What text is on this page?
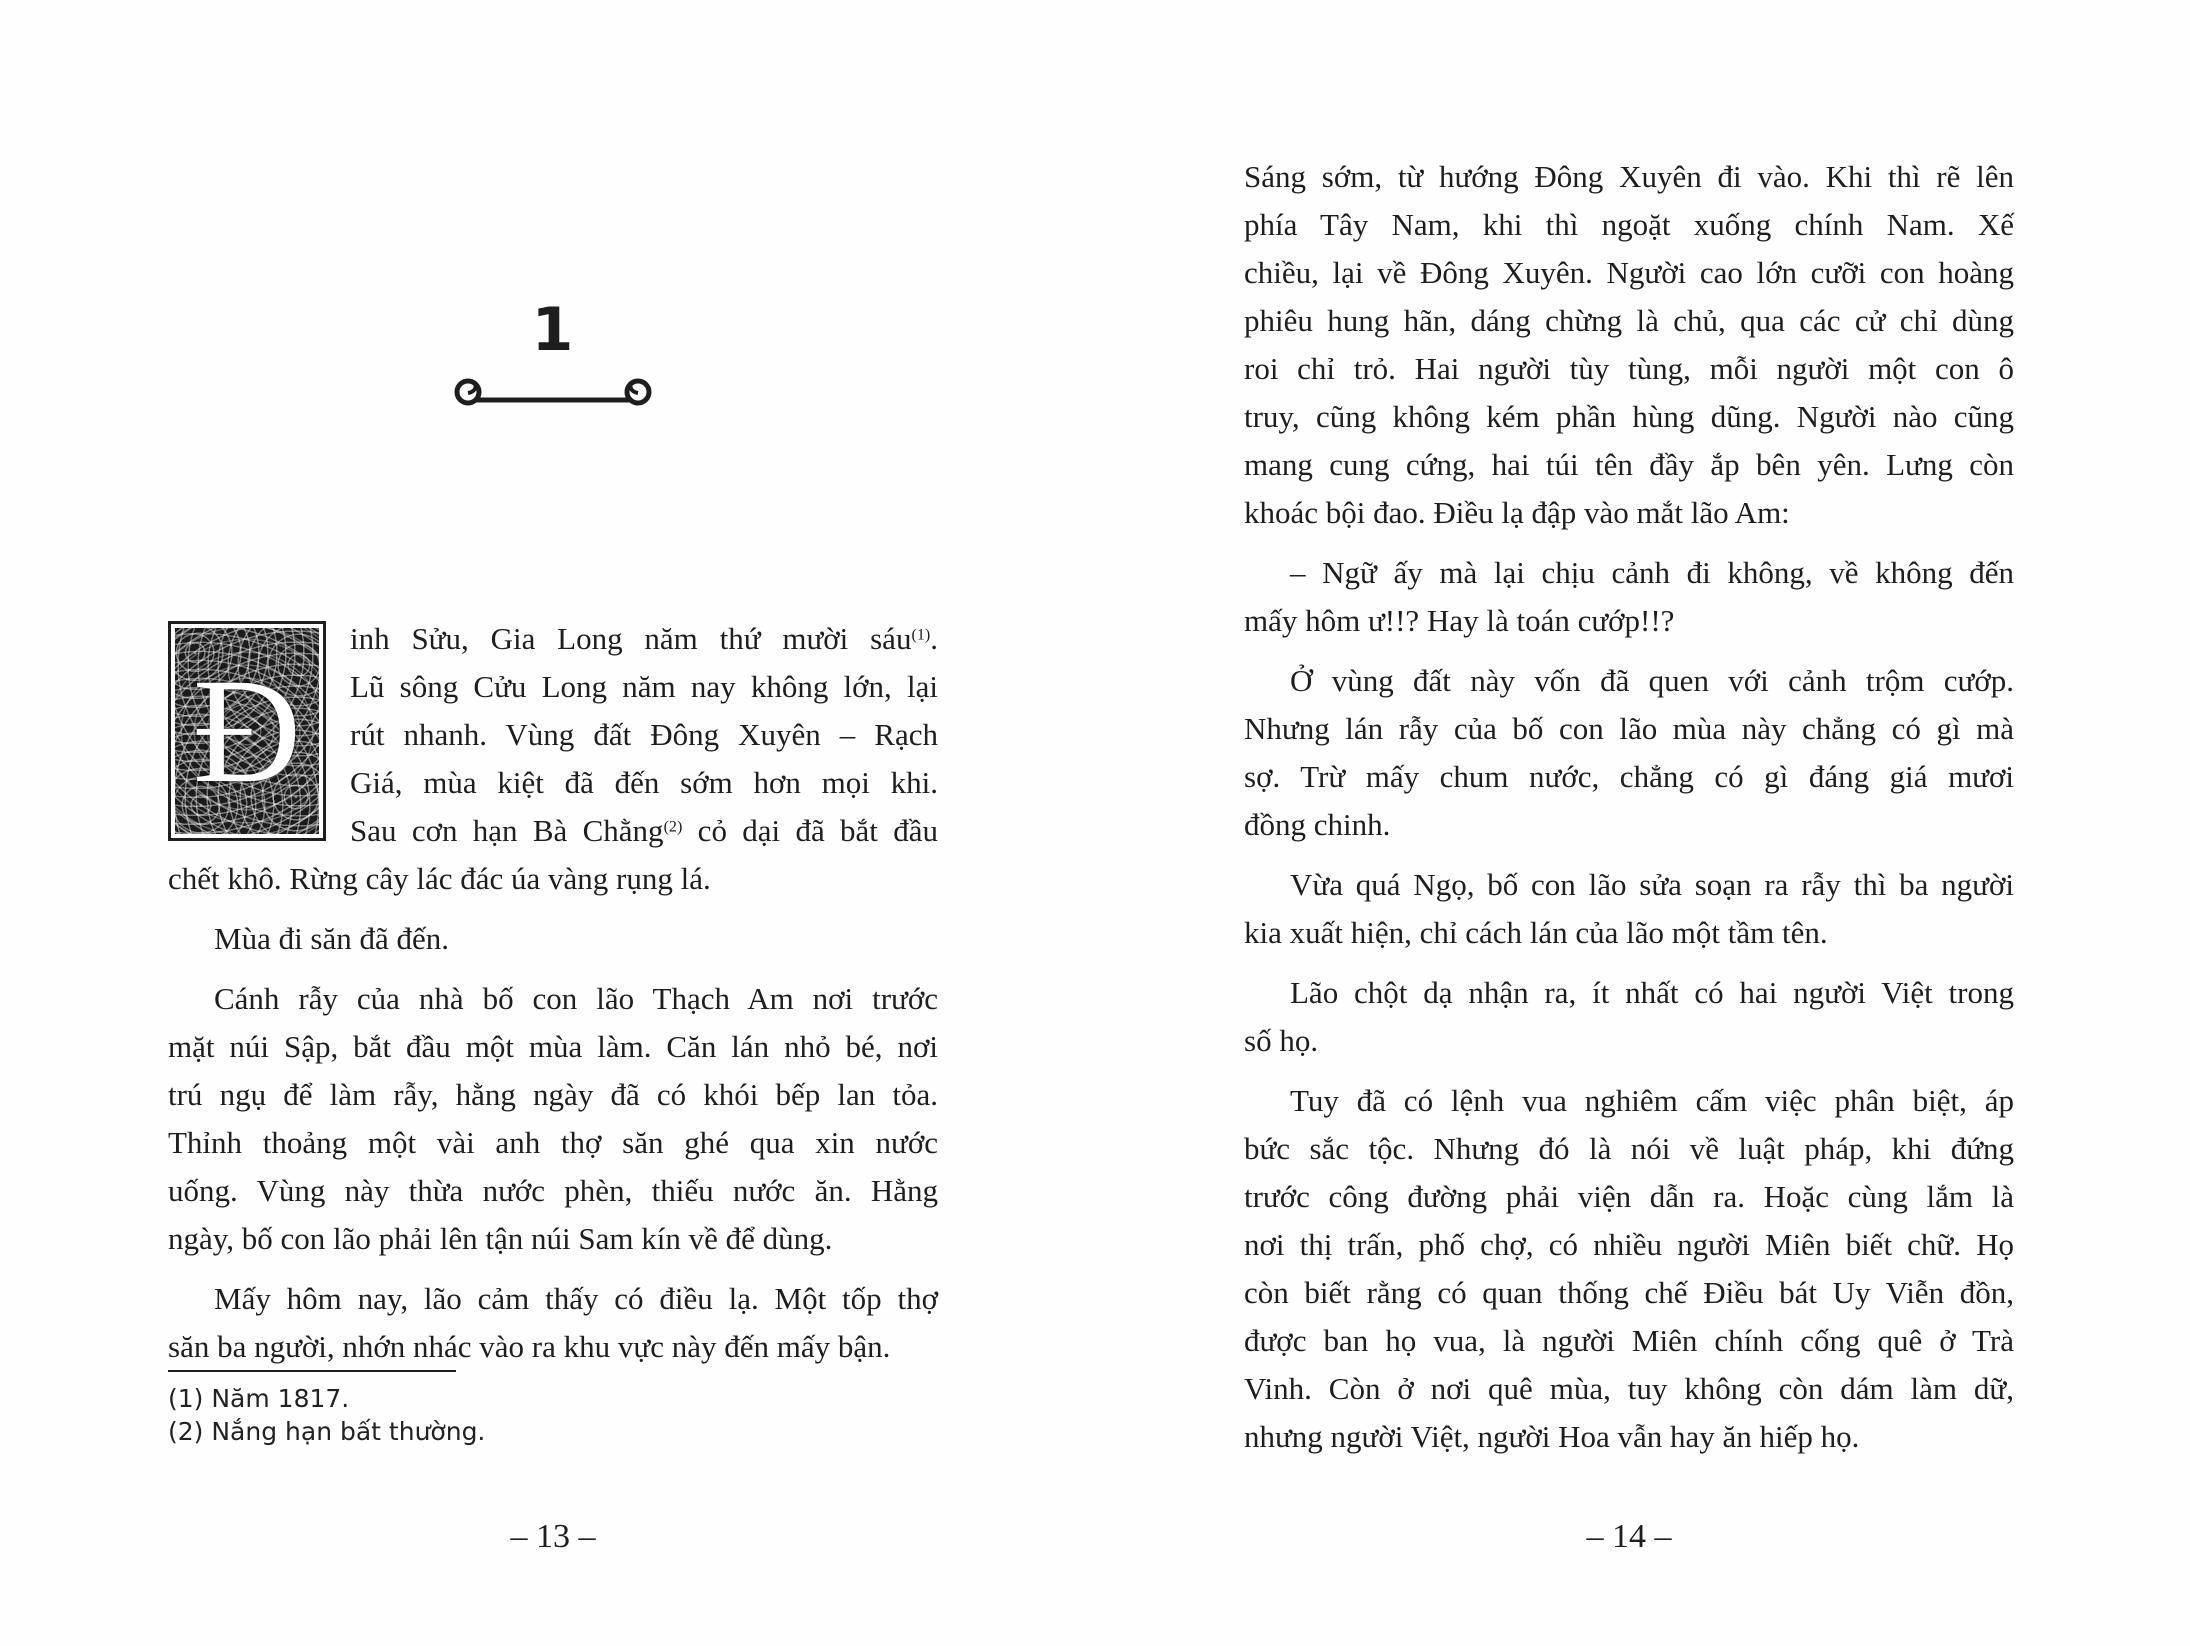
1
Đ
inh Sửu, Gia Long năm thứ mười sáu$^{(1)}$.
Lũ sông Cửu Long năm nay không lớn, lại
rút nhanh. Vùng đất Đông Xuyên – Rạch
Giá, mùa kiệt đã đến sớm hơn mọi khi.
Sau cơn hạn Bà Chằng$^{(2)}$ cỏ dại đã bắt đầu
chết khô. Rừng cây lác đác úa vàng rụng lá.
Mùa đi săn đã đến.
Cánh rẫy của nhà bố con lão Thạch Am nơi trước
mặt núi Sập, bắt đầu một mùa làm. Căn lán nhỏ bé, nơi
trú ngụ để làm rẫy, hằng ngày đã có khói bếp lan tỏa.
Thỉnh thoảng một vài anh thợ săn ghé qua xin nước
uống. Vùng này thừa nước phèn, thiếu nước ăn. Hằng
ngày, bố con lão phải lên tận núi Sam kín về để dùng.
Mấy hôm nay, lão cảm thấy có điều lạ. Một tốp thợ
săn ba người, nhớn nhác vào ra khu vực này đến mấy bận.
(1) Năm 1817.
(2) Nắng hạn bất thường.
– 13 –
Sáng sớm, từ hướng Đông Xuyên đi vào. Khi thì rẽ lên
phía Tây Nam, khi thì ngoặt xuống chính Nam. Xế
chiều, lại về Đông Xuyên. Người cao lớn cưỡi con hoàng
phiêu hung hãn, dáng chừng là chủ, qua các cử chỉ dùng
roi chỉ trỏ. Hai người tùy tùng, mỗi người một con ô
truy, cũng không kém phần hùng dũng. Người nào cũng
mang cung cứng, hai túi tên đầy ắp bên yên. Lưng còn
khoác bội đao. Điều lạ đập vào mắt lão Am:
– Ngữ ấy mà lại chịu cảnh đi không, về không đến
mấy hôm ư!!? Hay là toán cướp!!?
Ở vùng đất này vốn đã quen với cảnh trộm cướp.
Nhưng lán rẫy của bố con lão mùa này chẳng có gì mà
sợ. Trừ mấy chum nước, chẳng có gì đáng giá mươi
đồng chinh.
Vừa quá Ngọ, bố con lão sửa soạn ra rẫy thì ba người
kia xuất hiện, chỉ cách lán của lão một tầm tên.
Lão chột dạ nhận ra, ít nhất có hai người Việt trong
số họ.
Tuy đã có lệnh vua nghiêm cấm việc phân biệt, áp
bức sắc tộc. Nhưng đó là nói về luật pháp, khi đứng
trước công đường phải viện dẫn ra. Hoặc cùng lắm là
nơi thị trấn, phố chợ, có nhiều người Miên biết chữ. Họ
còn biết rằng có quan thống chế Điều bát Uy Viễn đồn,
được ban họ vua, là người Miên chính cống quê ở Trà
Vinh. Còn ở nơi quê mùa, tuy không còn dám làm dữ,
nhưng người Việt, người Hoa vẫn hay ăn hiếp họ.
– 14 –
